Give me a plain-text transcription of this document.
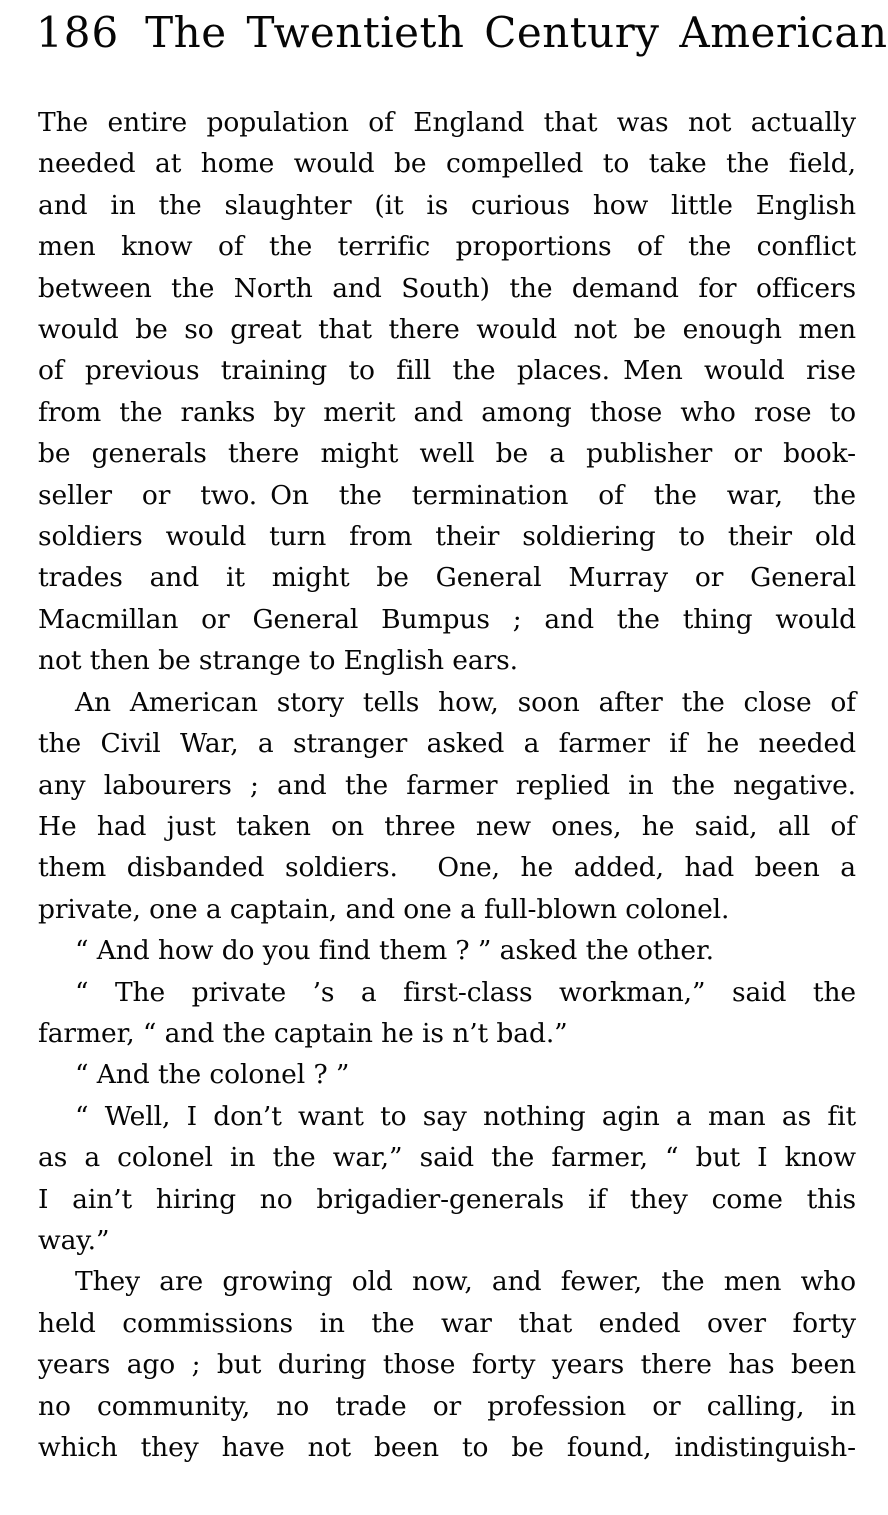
186 The Twentieth Century American
The entire population of England that was not actually
needed at home would be compelled to take the field,
and in the slaughter (it is curious how little English
men know of the terrific proportions of the conflict
between the North and South) the demand for officers
would be so great that there would not be enough men
of previous training to fill the places. Men would rise
from the ranks by merit and among those who rose to
be generals there might well be a publisher or book-
seller or two. On the termination of the war, the
soldiers would turn from their soldiering to their old
trades and it might be General Murray or General
Macmillan or General Bumpus ; and the thing would
not then be strange to English ears.
An American story tells how, soon after the close of
the Civil War, a stranger asked a farmer if he needed
any labourers ; and the farmer replied in the negative.
He had just taken on three new ones, he said, all of
them disbanded soldiers.  One, he added, had been a
private, one a captain, and one a full-blown colonel.
“ And how do you find them ? ” asked the other.
“ The private ’s a first-class workman,” said the
farmer, “ and the captain he is n’t bad.”
“ And the colonel ? ”
“ Well, I don’t want to say nothing agin a man as fit
as a colonel in the war,” said the farmer, “ but I know
I ain’t hiring no brigadier-generals if they come this
way.”
They are growing old now, and fewer, the men who
held commissions in the war that ended over forty
years ago ; but during those forty years there has been
no community, no trade or profession or calling, in
which they have not been to be found, indistinguish-
